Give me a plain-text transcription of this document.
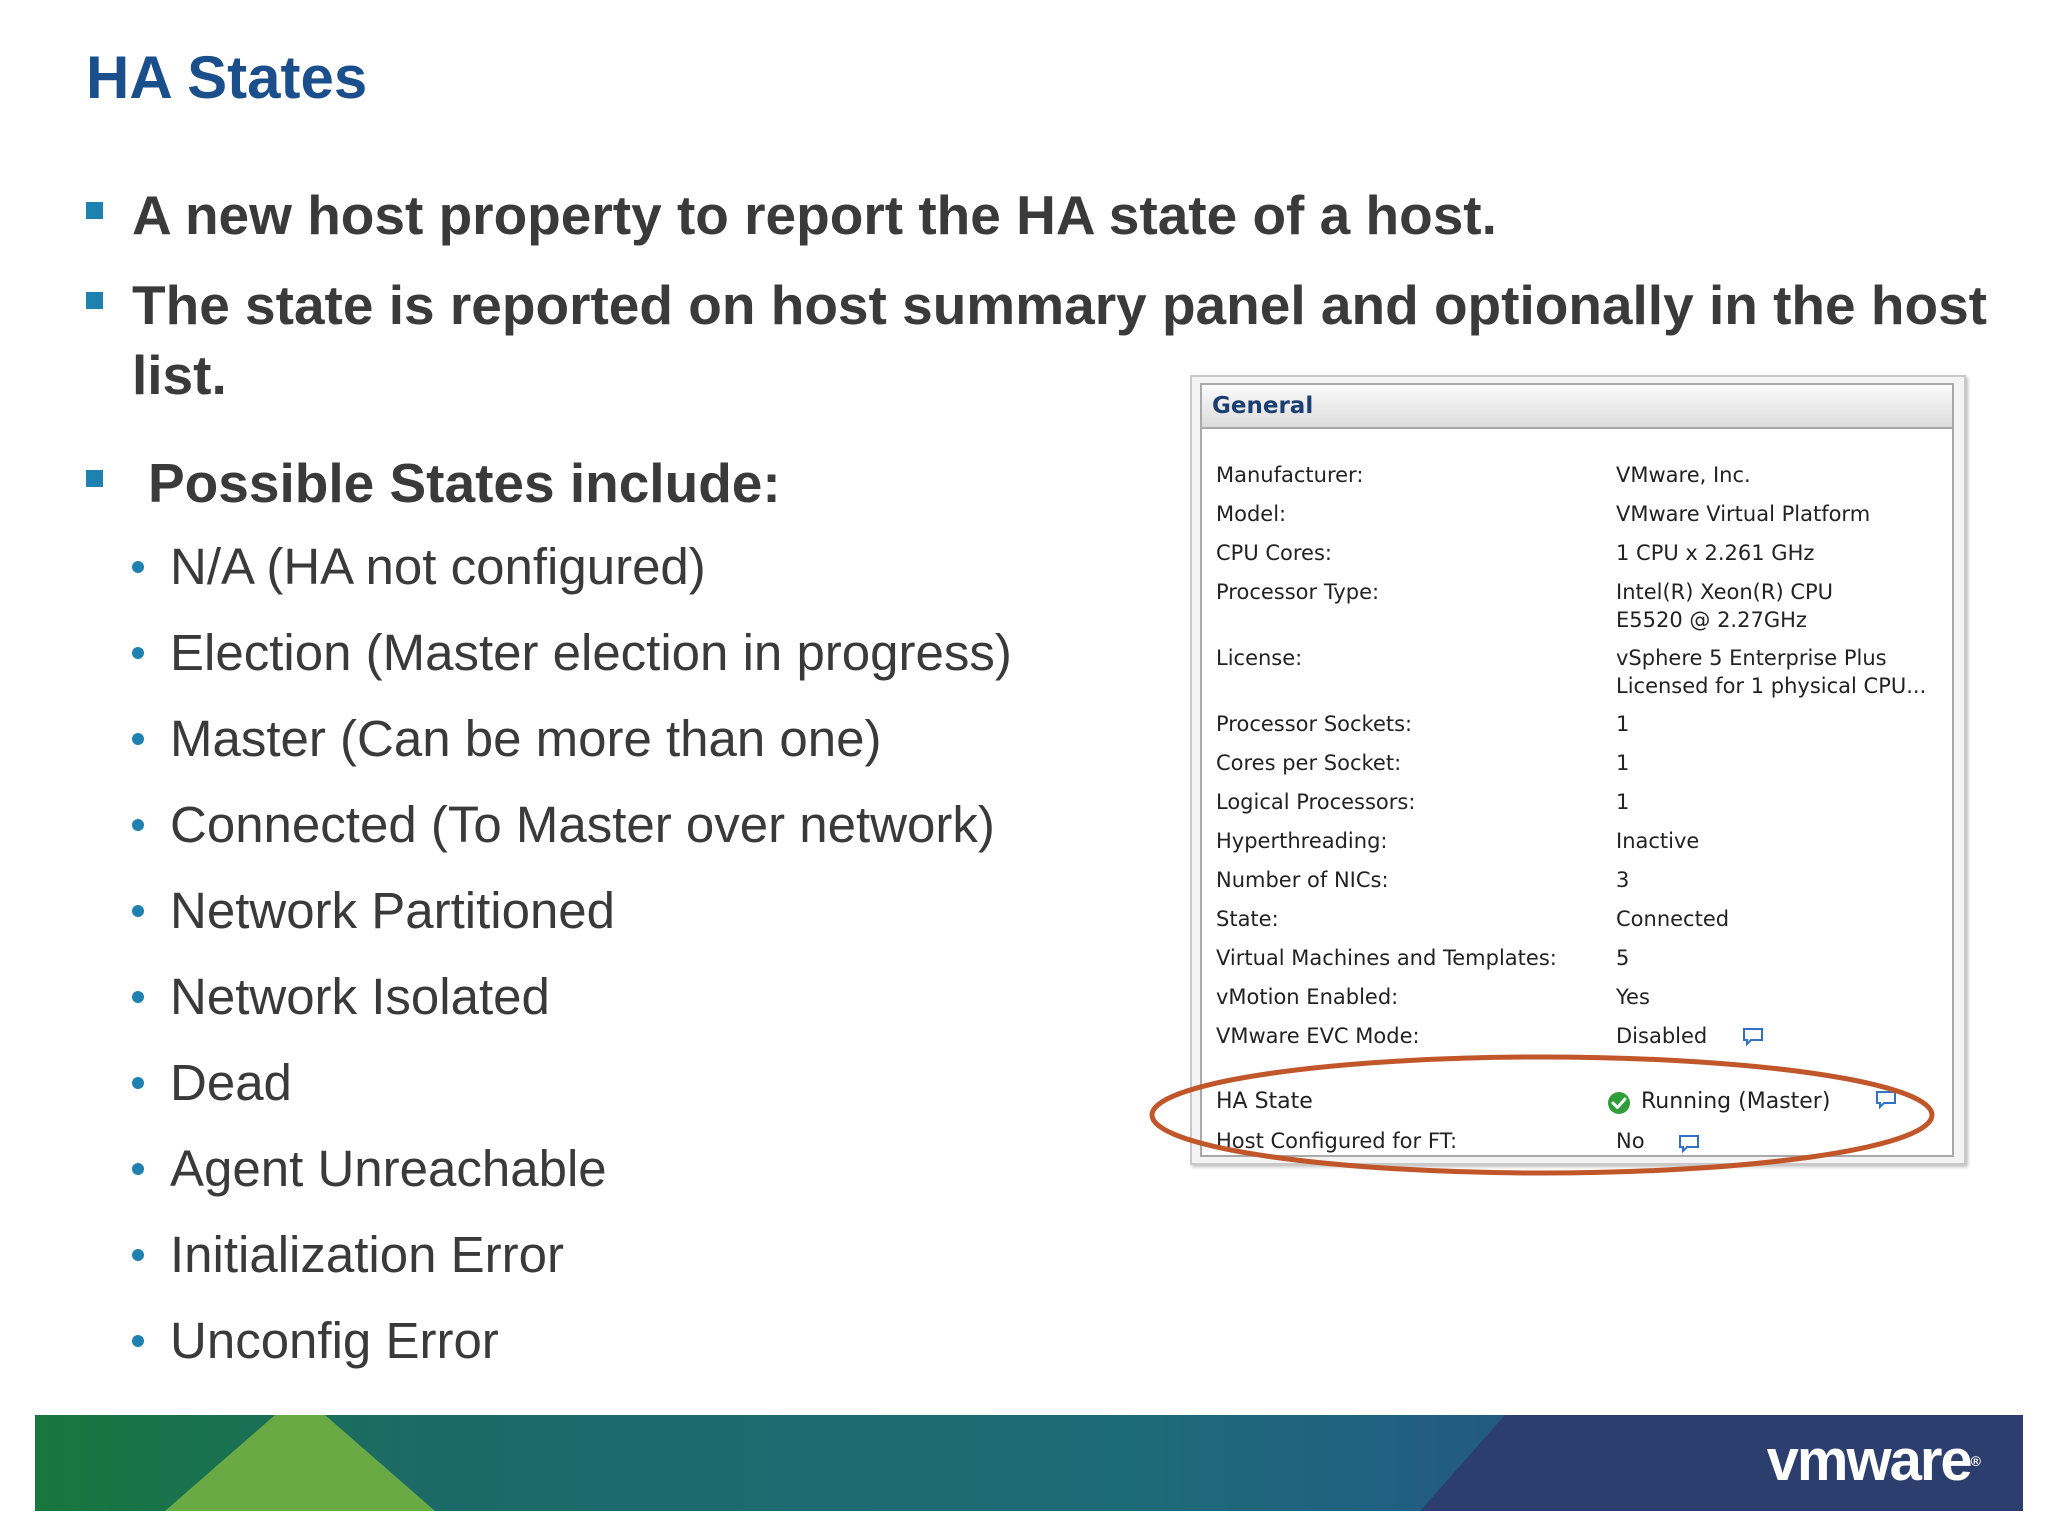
HA States
A new host property to report the HA state of a host.
The state is reported on host summary panel and optionally in the host list.
Possible States include:
N/A (HA not configured)
Election (Master election in progress)
Master (Can be more than one)
Connected (To Master over network)
Network Partitioned
Network Isolated
Dead
Agent Unreachable
Initialization Error
Unconfig Error
General
Manufacturer:	VMware, Inc.
Model:	VMware Virtual Platform
CPU Cores:	1 CPU x 2.261 GHz
Processor Type:	Intel(R) Xeon(R) CPU
E5520 @ 2.27GHz
License:	vSphere 5 Enterprise Plus
Licensed for 1 physical CPU...
Processor Sockets:	1
Cores per Socket:	1
Logical Processors:	1
Hyperthreading:	Inactive
Number of NICs:	3
State:	Connected
Virtual Machines and Templates:	5
vMotion Enabled:	Yes
VMware EVC Mode:	Disabled
HA State	Running (Master)
Host Configured for FT:	No
vmware®
